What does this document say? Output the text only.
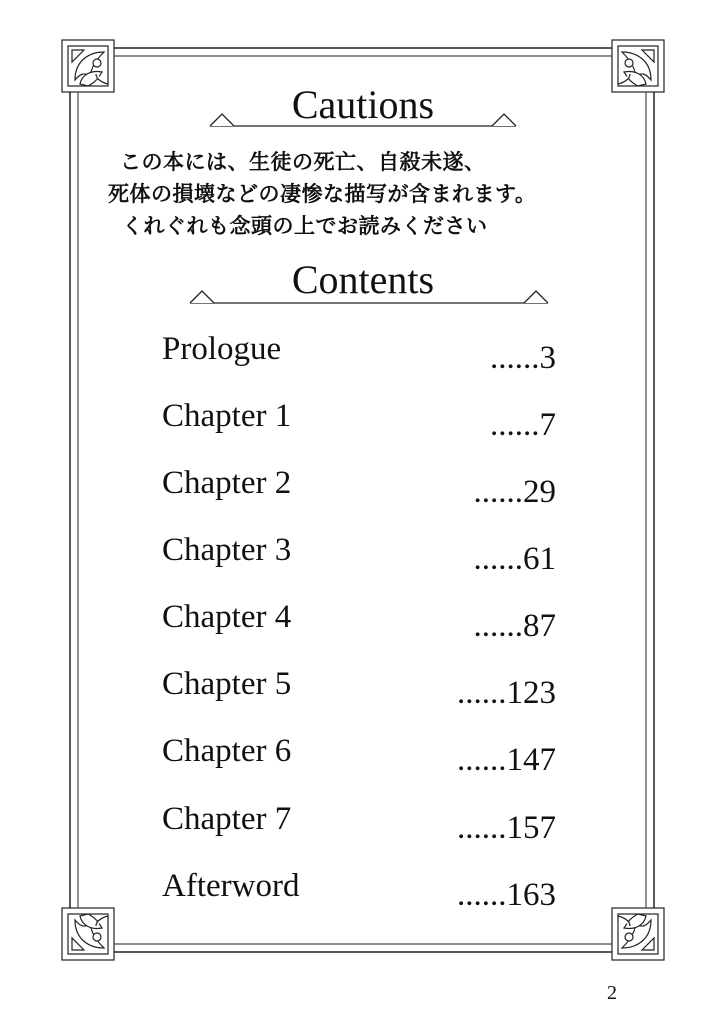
Cautions
この本には、生徒の死亡、自殺未遂、
死体の損壊などの凄惨な描写が含まれます。
くれぐれも念頭の上でお読みください
Contents
Prologue	......3
Chapter 1	......7
Chapter 2	......29
Chapter 3	......61
Chapter 4	......87
Chapter 5	......123
Chapter 6	......147
Chapter 7	......157
Afterword	......163
2
